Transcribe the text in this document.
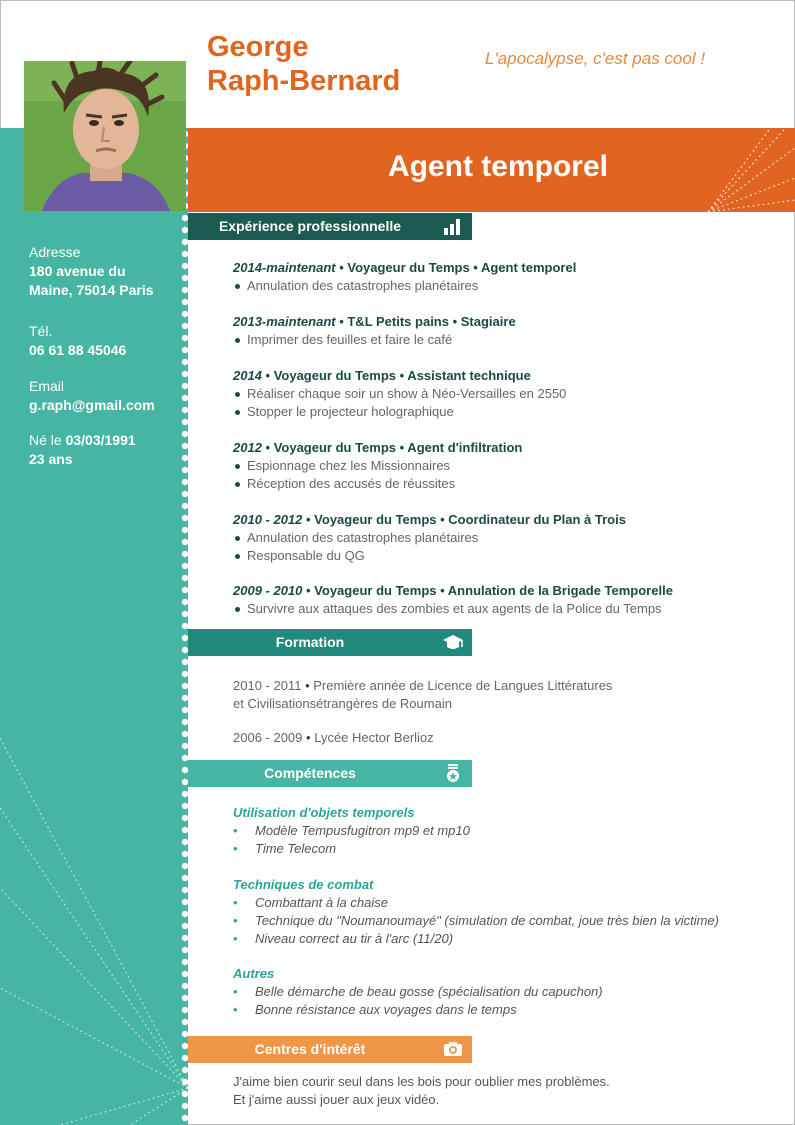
George
Raph-Bernard
L'apocalypse, c'est pas cool !
Agent temporel
Adresse
180 avenue du
Maine, 75014 Paris
Tél.
06 61 88 45046
Email
g.raph@gmail.com
Né le 03/03/1991
23 ans
Expérience professionnelle
2014-maintenant • Voyageur du Temps • Agent temporel
Annulation des catastrophes planétaires
2013-maintenant • T&L Petits pains • Stagiaire
Imprimer des feuilles et faire le café
2014 • Voyageur du Temps • Assistant technique
Réaliser chaque soir un show à Néo-Versailles en 2550
Stopper le projecteur holographique
2012 • Voyageur du Temps • Agent d'infiltration
Espionnage chez les Missionnaires
Réception des accusés de réussites
2010 - 2012 • Voyageur du Temps • Coordinateur du Plan à Trois
Annulation des catastrophes planétaires
Responsable du QG
2009 - 2010 • Voyageur du Temps • Annulation de la Brigade Temporelle
Survivre aux attaques des zombies et aux agents de la Police du Temps
Formation
2010 - 2011 • Première année de Licence de Langues Littératures
et Civilisationsétrangères de Roumain
2006 - 2009 • Lycée Hector Berlioz
Compétences
Utilisation d'objets temporels
• Modèle Tempusfugitron mp9 et mp10
• Time Telecom
Techniques de combat
• Combattant à la chaise
• Technique du "Noumanoumayé" (simulation de combat, joue très bien la victime)
• Niveau correct au tir à l'arc (11/20)
Autres
• Belle démarche de beau gosse (spécialisation du capuchon)
• Bonne résistance aux voyages dans le temps
Centres d'intérêt
J'aime bien courir seul dans les bois pour oublier mes problèmes.
Et j'aime aussi jouer aux jeux vidéo.
